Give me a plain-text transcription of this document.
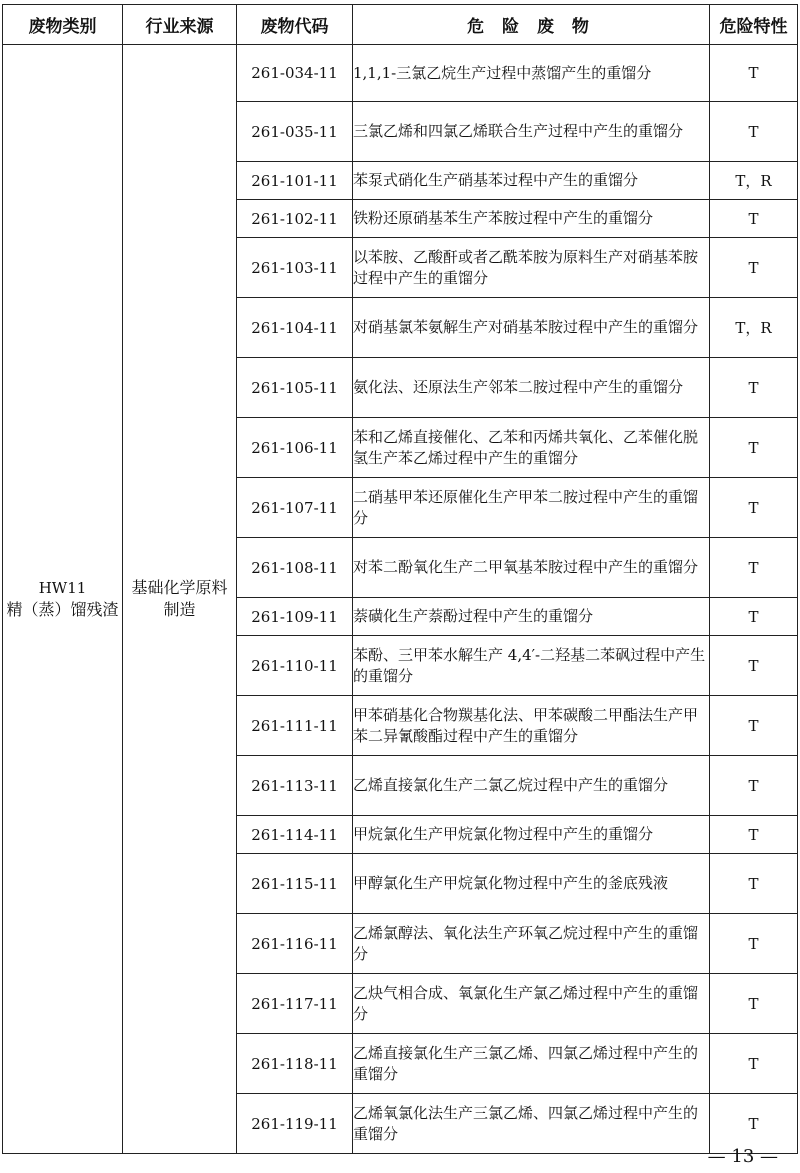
废物类别	行业来源	废物代码	危 险 废 物	危险特性

HW11
精（蒸）馏残渣	基础化学原料制造	261-034-11	1,1,1-三氯乙烷生产过程中蒸馏产生的重馏分	T
		261-035-11	三氯乙烯和四氯乙烯联合生产过程中产生的重馏分	T
		261-101-11	苯泵式硝化生产硝基苯过程中产生的重馏分	T，R
		261-102-11	铁粉还原硝基苯生产苯胺过程中产生的重馏分	T
		261-103-11	以苯胺、乙酸酐或者乙酰苯胺为原料生产对硝基苯胺过程中产生的重馏分	T
		261-104-11	对硝基氯苯氨解生产对硝基苯胺过程中产生的重馏分	T，R
		261-105-11	氨化法、还原法生产邻苯二胺过程中产生的重馏分	T
		261-106-11	苯和乙烯直接催化、乙苯和丙烯共氧化、乙苯催化脱氢生产苯乙烯过程中产生的重馏分	T
		261-107-11	二硝基甲苯还原催化生产甲苯二胺过程中产生的重馏分	T
		261-108-11	对苯二酚氧化生产二甲氧基苯胺过程中产生的重馏分	T
		261-109-11	萘磺化生产萘酚过程中产生的重馏分	T
		261-110-11	苯酚、三甲苯水解生产 4,4′-二羟基二苯砜过程中产生的重馏分	T
		261-111-11	甲苯硝基化合物羰基化法、甲苯碳酸二甲酯法生产甲苯二异氰酸酯过程中产生的重馏分	T
		261-113-11	乙烯直接氯化生产二氯乙烷过程中产生的重馏分	T
		261-114-11	甲烷氯化生产甲烷氯化物过程中产生的重馏分	T
		261-115-11	甲醇氯化生产甲烷氯化物过程中产生的釜底残液	T
		261-116-11	乙烯氯醇法、氧化法生产环氧乙烷过程中产生的重馏分	T
		261-117-11	乙炔气相合成、氧氯化生产氯乙烯过程中产生的重馏分	T
		261-118-11	乙烯直接氯化生产三氯乙烯、四氯乙烯过程中产生的重馏分	T
		261-119-11	乙烯氧氯化法生产三氯乙烯、四氯乙烯过程中产生的重馏分	T
— 13 —
